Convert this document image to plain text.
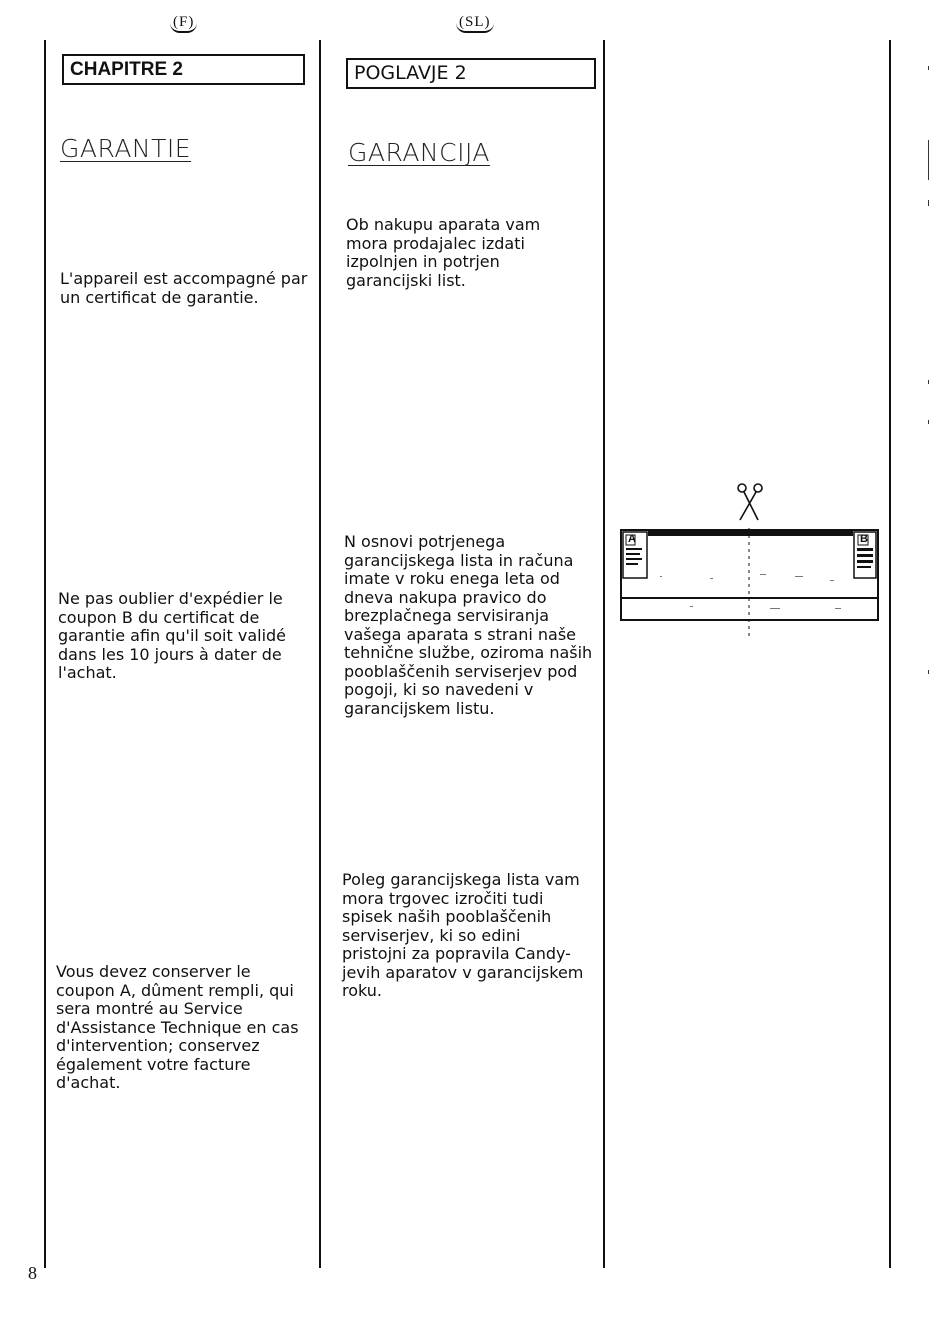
(F)
CHAPITRE 2
GARANTIE
L'appareil est accompagné par un certificat de garantie.
Ne pas oublier d'expédier le coupon B du certificat de garantie afin qu'il soit validé dans les 10 jours à dater de l'achat.
Vous devez conserver le coupon A, dûment rempli, qui sera montré au Service d'Assistance Technique en cas d'intervention; conservez également votre facture d'achat.
(SL)
POGLAVJE 2
GARANCIJA
Ob nakupu aparata vam mora prodajalec izdati izpolnjen in potrjen garancijski list.
N osnovi potrjenega garancijskega lista in računa imate v roku enega leta od dneva nakupa pravico do brezplačnega servisiranja vašega aparata s strani naše tehnične službe, oziroma naših pooblaščenih serviserjev pod pogoji, ki so navedeni v garancijskem listu.
Poleg garancijskega lista vam mora trgovec izročiti tudi spisek naših pooblaščenih serviserjev, ki so edini pristojni za popravila Candy-jevih aparatov v garancijskem roku.
A	B
8
